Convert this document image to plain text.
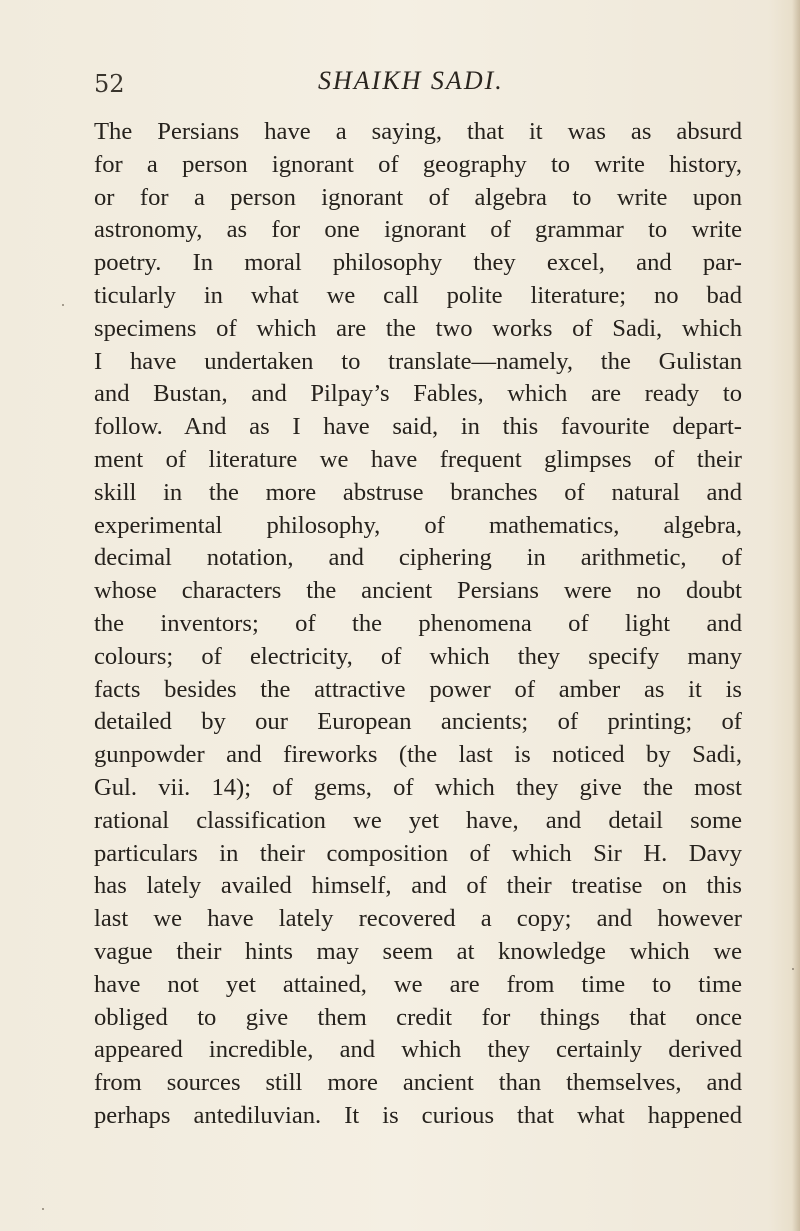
52	SHAIKH SADI.
The Persians have a saying, that it was as absurd
for a person ignorant of geography to write history,
or for a person ignorant of algebra to write upon
astronomy, as for one ignorant of grammar to write
poetry. In moral philosophy they excel, and par-
ticularly in what we call polite literature; no bad
specimens of which are the two works of Sadi, which
I have undertaken to translate—namely, the Gulistan
and Bustan, and Pilpay’s Fables, which are ready to
follow. And as I have said, in this favourite depart-
ment of literature we have frequent glimpses of their
skill in the more abstruse branches of natural and
experimental philosophy, of mathematics, algebra,
decimal notation, and ciphering in arithmetic, of
whose characters the ancient Persians were no doubt
the inventors; of the phenomena of light and
colours; of electricity, of which they specify many
facts besides the attractive power of amber as it is
detailed by our European ancients; of printing; of
gunpowder and fireworks (the last is noticed by Sadi,
Gul. vii. 14); of gems, of which they give the most
rational classification we yet have, and detail some
particulars in their composition of which Sir H. Davy
has lately availed himself, and of their treatise on this
last we have lately recovered a copy; and however
vague their hints may seem at knowledge which we
have not yet attained, we are from time to time
obliged to give them credit for things that once
appeared incredible, and which they certainly derived
from sources still more ancient than themselves, and
perhaps antediluvian. It is curious that what happened
